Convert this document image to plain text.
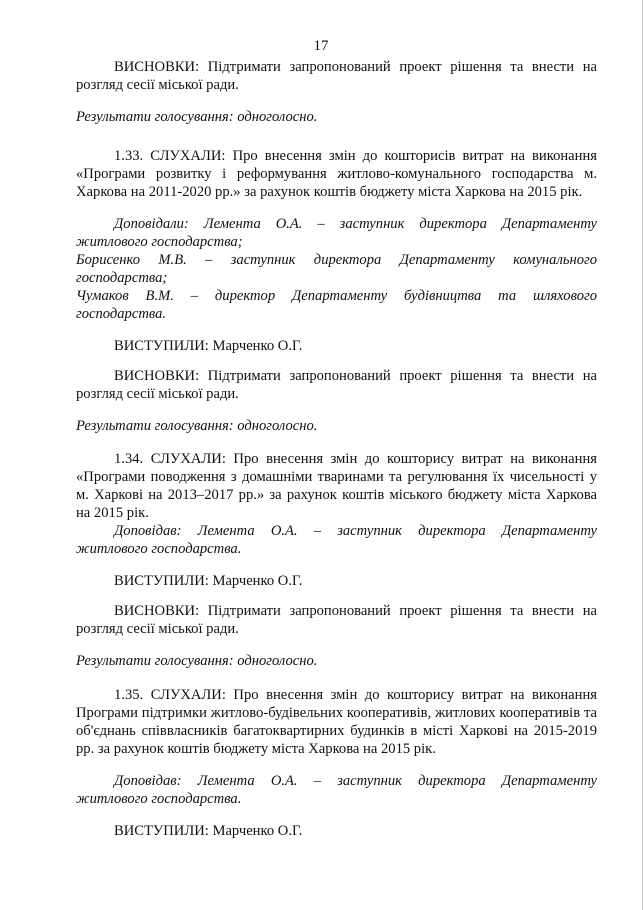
17

ВИСНОВКИ: Підтримати запропонований проект рішення та внести на розгляд сесії міської ради.

Результати голосування: одноголосно.

1.33. СЛУХАЛИ: Про внесення змін до кошторисів витрат на виконання «Програми розвитку і реформування житлово-комунального господарства м. Харкова на 2011-2020 рр.» за рахунок коштів бюджету міста Харкова на 2015 рік.

Доповідали: Лемента О.А. – заступник директора Департаменту житлового господарства;

Борисенко М.В. – заступник директора Департаменту комунального господарства;

Чумаков В.М. – директор Департаменту будівництва та шляхового господарства.

ВИСТУПИЛИ: Марченко О.Г.

ВИСНОВКИ: Підтримати запропонований проект рішення та внести на розгляд сесії міської ради.

Результати голосування: одноголосно.

1.34. СЛУХАЛИ: Про внесення змін до кошторису витрат на виконання «Програми поводження з домашніми тваринами та регулювання їх чисельності у м. Харкові на 2013–2017 рр.» за рахунок коштів міського бюджету міста Харкова на 2015 рік.

Доповідав: Лемента О.А. – заступник директора Департаменту житлового господарства.

ВИСТУПИЛИ: Марченко О.Г.

ВИСНОВКИ: Підтримати запропонований проект рішення та внести на розгляд сесії міської ради.

Результати голосування: одноголосно.

1.35. СЛУХАЛИ: Про внесення змін до кошторису витрат на виконання Програми підтримки житлово-будівельних кооперативів, житлових кооперативів та об'єднань співвласників багатоквартирних будинків в місті Харкові на 2015-2019 рр. за рахунок коштів бюджету міста Харкова на 2015 рік.

Доповідав: Лемента О.А. – заступник директора Департаменту житлового господарства.

ВИСТУПИЛИ: Марченко О.Г.
